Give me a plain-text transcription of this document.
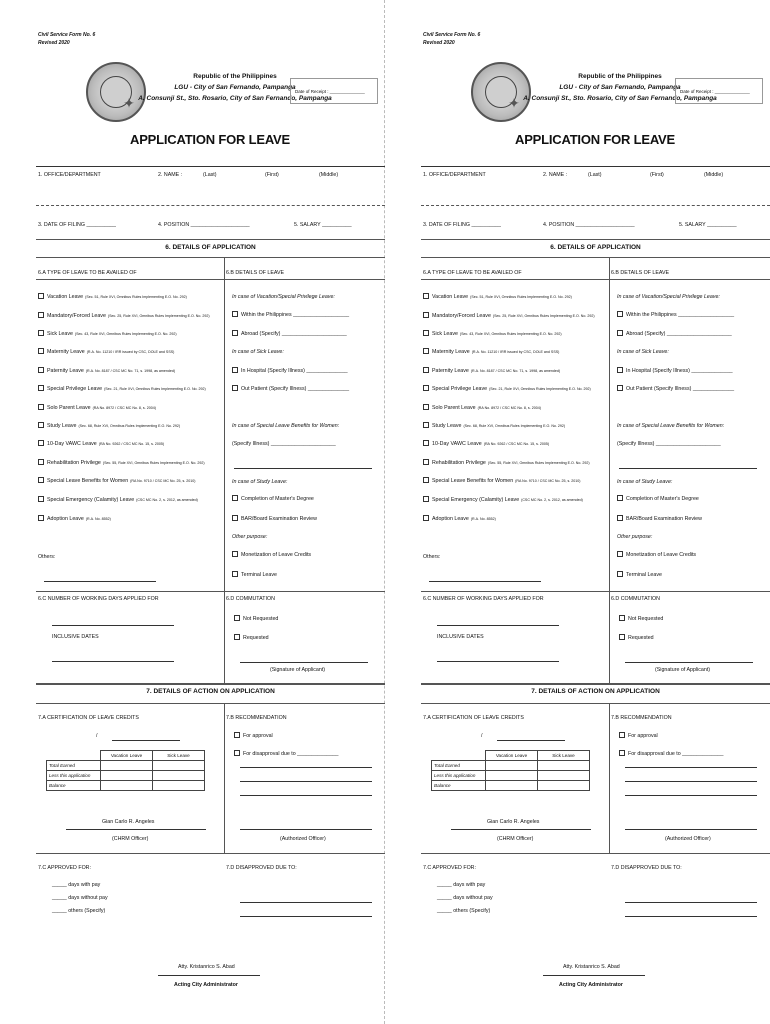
Civil Service Form No. 6
Revised 2020
✦
Republic of the Philippines
LGU - City of San Fernando, Pampanga
A. Consunji St., Sto. Rosario, City of San Fernando, Pampanga
Date of Receipt : ______________
APPLICATION FOR LEAVE
1. OFFICE/DEPARTMENT	2. NAME :	(Last)	(First)	(Middle)
3. DATE OF FILING __________	4. POSITION ____________________	5. SALARY __________
6. DETAILS OF APPLICATION
6.A TYPE OF LEAVE TO BE AVAILED OF	6.B DETAILS OF LEAVE
Vacation Leave (Sec. 51, Rule XVI, Omnibus Rules Implementing E.O. No. 292)
Mandatory/Forced Leave (Sec. 25, Rule XVI, Omnibus Rules Implementing E.O. No. 292)
Sick Leave (Sec. 43, Rule XVI, Omnibus Rules Implementing E.O. No. 292)
Maternity Leave (R.A. No. 11210 / IRR issued by CSC, DOLE and SSS)
Paternity Leave (R.A. No. 8187 / CSC MC No. 71, s. 1998, as amended)
Special Privilege Leave (Sec. 21, Rule XVI, Omnibus Rules Implementing E.O. No. 292)
Solo Parent Leave (RA No. 8972 / CSC MC No. 8, s. 2004)
Study Leave (Sec. 68, Rule XVI, Omnibus Rules Implementing E.O. No. 292)
10-Day VAWC Leave (RA No. 9262 / CSC MC No. 15, s. 2005)
Rehabilitation Privilege (Sec. 55, Rule XVI, Omnibus Rules Implementing E.O. No. 292)
Special Leave Benefits for Women (RA No. 9710 / CSC MC No. 25, s. 2010)
Special Emergency (Calamity) Leave (CSC MC No. 2, s. 2012, as amended)
Adoption Leave (R.A. No. 8552)
Others:
In case of Vacation/Special Privilege Leave:
Within the Philippines ___________________
Abroad (Specify) ______________________
In case of Sick Leave:
In Hospital (Specify Illness) ______________
Out Patient (Specify Illness) ______________
In case of Special Leave Benefits for Women:
(Specify Illness) ______________________
In case of Study Leave:
Completion of Master's Degree
BAR/Board Examination Review
Other purpose:
Monetization of Leave Credits
Terminal Leave
6.C NUMBER OF WORKING DAYS APPLIED FOR
INCLUSIVE DATES
6.D COMMUTATION
Not Requested
Requested
(Signature of Applicant)
7. DETAILS OF ACTION ON APPLICATION
7.A CERTIFICATION OF LEAVE CREDITS
/
	Vacation Leave	Sick Leave
Total Earned		
Less this application		
Balance		
Gian Carlo R. Angeles
(CHRM Officer)
7.B RECOMMENDATION
For approval
For disapproval due to ______________
(Authorized Officer)
7.C APPROVED FOR:
_____ days with pay
_____ days without pay
_____ others (Specify)
7.D DISAPPROVED DUE TO:
Atty. Kristanrico S. Abad
Acting City Administrator
Civil Service Form No. 6
Revised 2020
✦
Republic of the Philippines
LGU - City of San Fernando, Pampanga
A. Consunji St., Sto. Rosario, City of San Fernando, Pampanga
Date of Receipt : ______________
APPLICATION FOR LEAVE
1. OFFICE/DEPARTMENT	2. NAME :	(Last)	(First)	(Middle)
3. DATE OF FILING __________	4. POSITION ____________________	5. SALARY __________
6. DETAILS OF APPLICATION
6.A TYPE OF LEAVE TO BE AVAILED OF	6.B DETAILS OF LEAVE
Vacation Leave (Sec. 51, Rule XVI, Omnibus Rules Implementing E.O. No. 292)
Mandatory/Forced Leave (Sec. 25, Rule XVI, Omnibus Rules Implementing E.O. No. 292)
Sick Leave (Sec. 43, Rule XVI, Omnibus Rules Implementing E.O. No. 292)
Maternity Leave (R.A. No. 11210 / IRR issued by CSC, DOLE and SSS)
Paternity Leave (R.A. No. 8187 / CSC MC No. 71, s. 1998, as amended)
Special Privilege Leave (Sec. 21, Rule XVI, Omnibus Rules Implementing E.O. No. 292)
Solo Parent Leave (RA No. 8972 / CSC MC No. 8, s. 2004)
Study Leave (Sec. 68, Rule XVI, Omnibus Rules Implementing E.O. No. 292)
10-Day VAWC Leave (RA No. 9262 / CSC MC No. 15, s. 2005)
Rehabilitation Privilege (Sec. 55, Rule XVI, Omnibus Rules Implementing E.O. No. 292)
Special Leave Benefits for Women (RA No. 9710 / CSC MC No. 25, s. 2010)
Special Emergency (Calamity) Leave (CSC MC No. 2, s. 2012, as amended)
Adoption Leave (R.A. No. 8552)
Others:
In case of Vacation/Special Privilege Leave:
Within the Philippines ___________________
Abroad (Specify) ______________________
In case of Sick Leave:
In Hospital (Specify Illness) ______________
Out Patient (Specify Illness) ______________
In case of Special Leave Benefits for Women:
(Specify Illness) ______________________
In case of Study Leave:
Completion of Master's Degree
BAR/Board Examination Review
Other purpose:
Monetization of Leave Credits
Terminal Leave
6.C NUMBER OF WORKING DAYS APPLIED FOR
INCLUSIVE DATES
6.D COMMUTATION
Not Requested
Requested
(Signature of Applicant)
7. DETAILS OF ACTION ON APPLICATION
7.A CERTIFICATION OF LEAVE CREDITS
/
	Vacation Leave	Sick Leave
Total Earned		
Less this application		
Balance		
Gian Carlo R. Angeles
(CHRM Officer)
7.B RECOMMENDATION
For approval
For disapproval due to ______________
(Authorized Officer)
7.C APPROVED FOR:
_____ days with pay
_____ days without pay
_____ others (Specify)
7.D DISAPPROVED DUE TO:
Atty. Kristanrico S. Abad
Acting City Administrator
